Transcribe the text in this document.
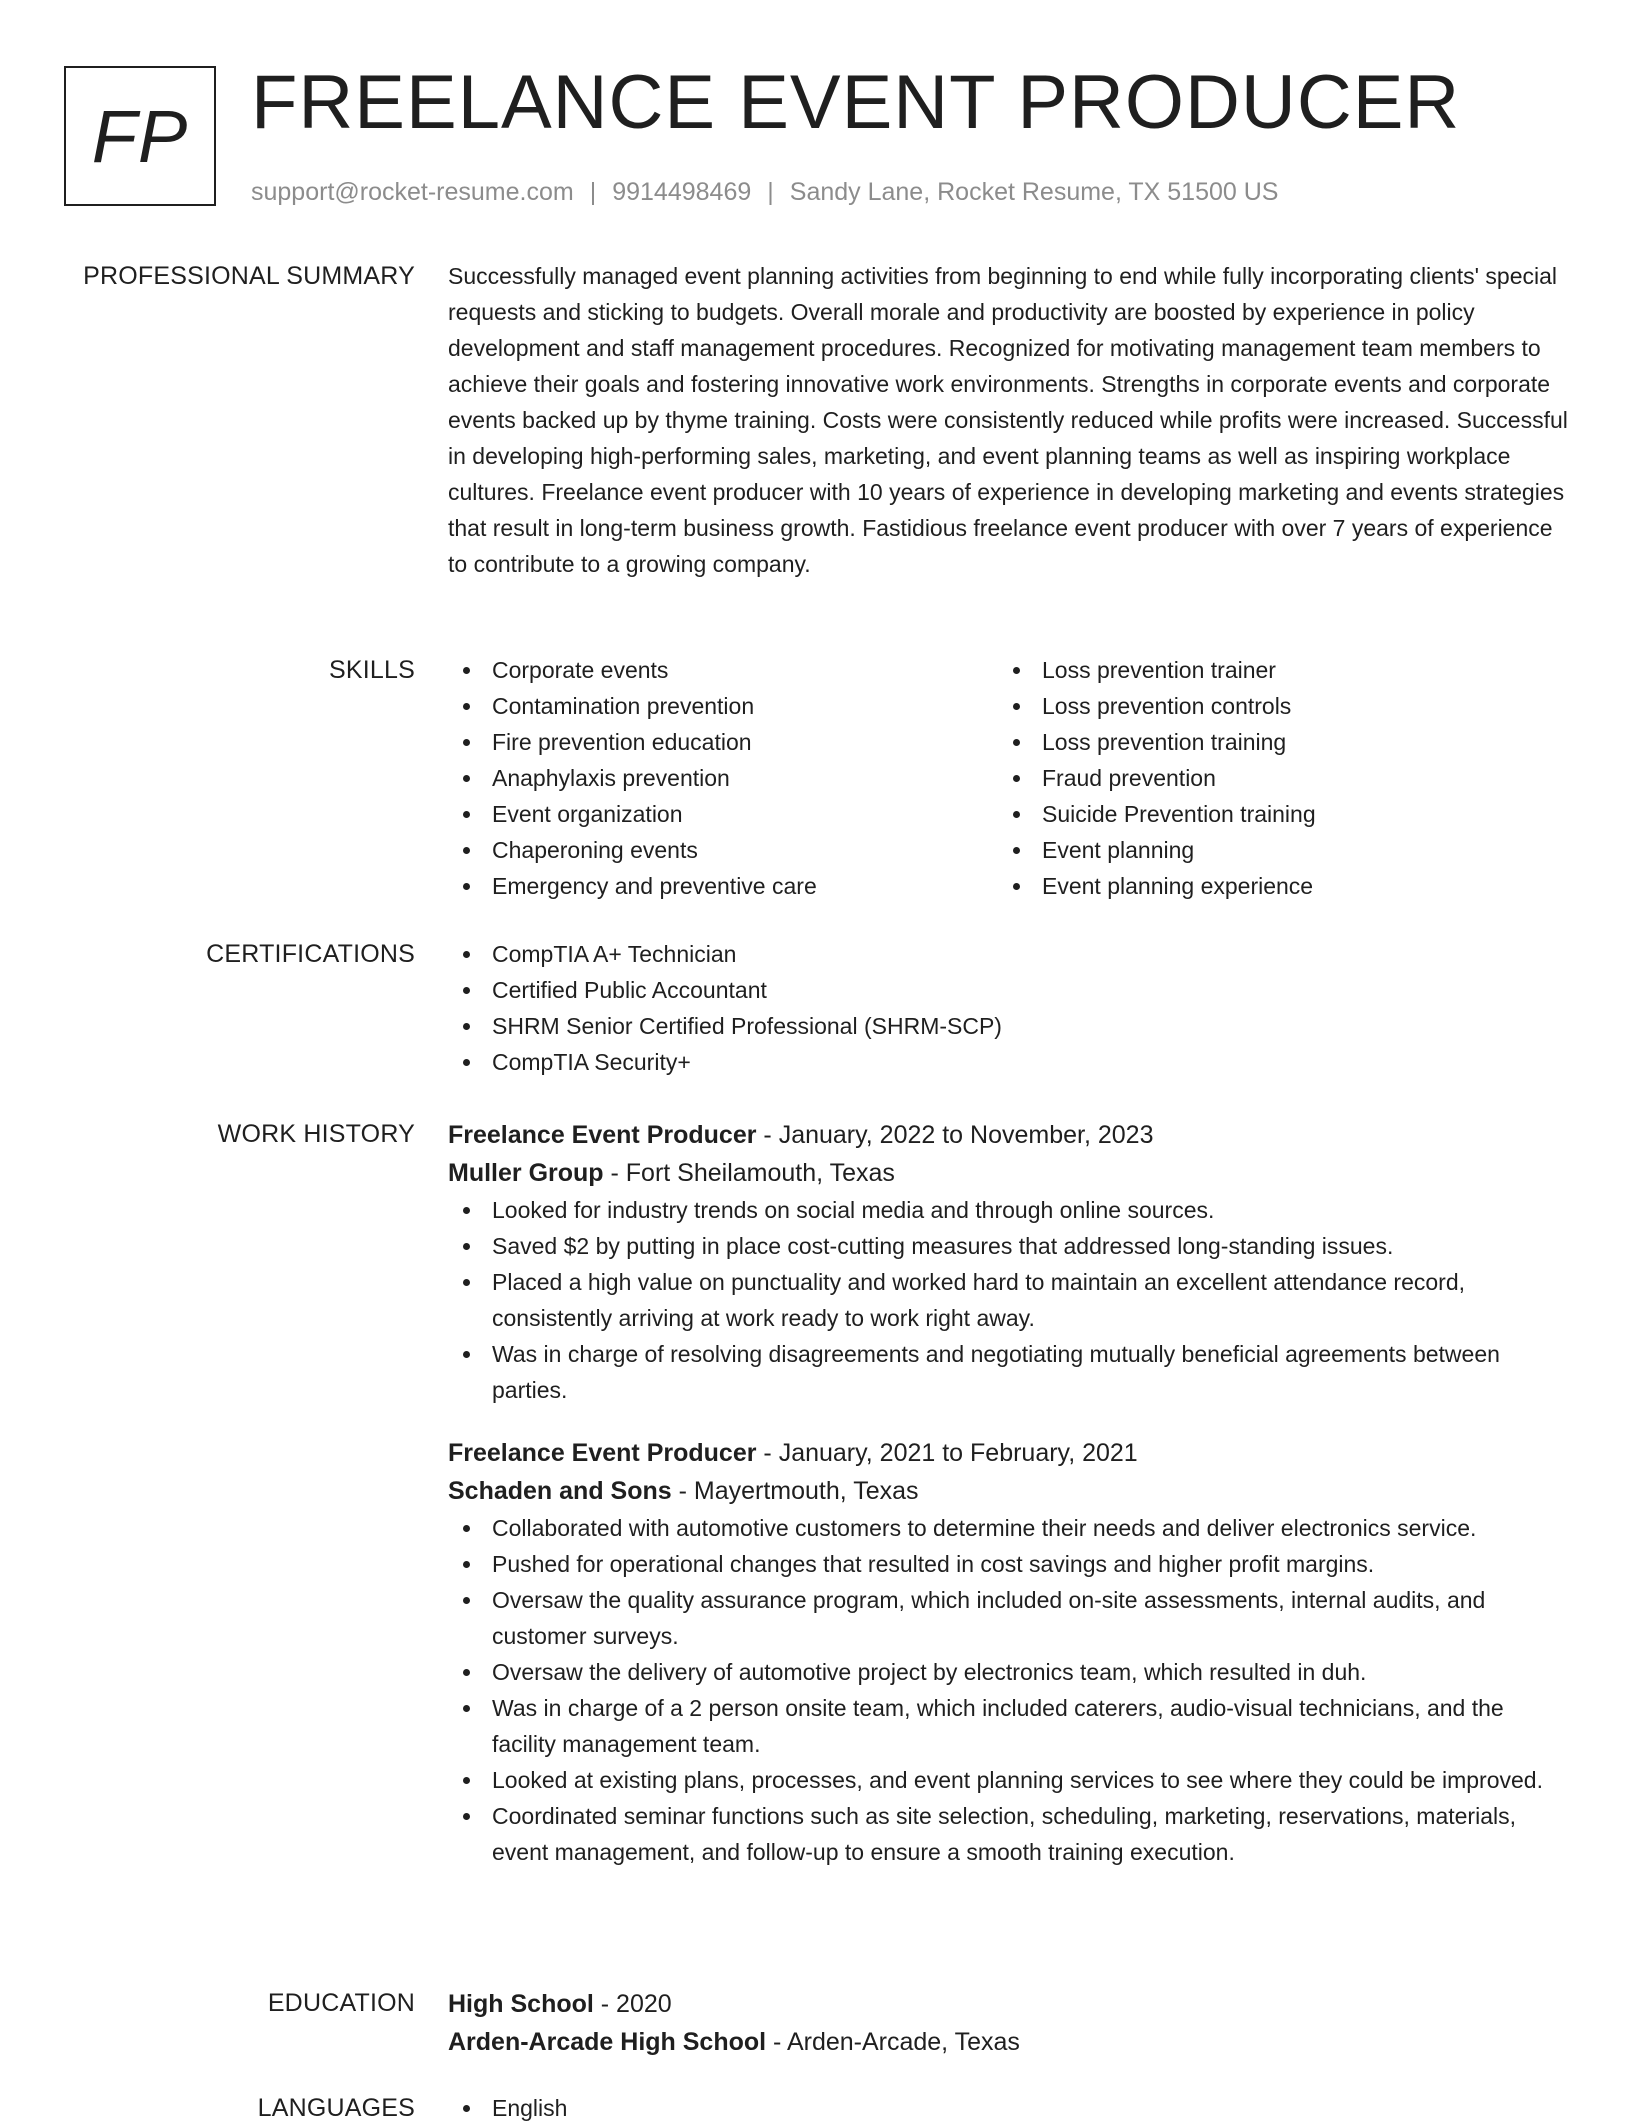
FP FREELANCE EVENT PRODUCER
support@rocket-resume.com | 9914498469 | Sandy Lane, Rocket Resume, TX 51500 US
PROFESSIONAL SUMMARY Successfully managed event planning activities from beginning to end while fully incorporating clients' special requests and sticking to budgets. Overall morale and productivity are boosted by experience in policy development and staff management procedures. Recognized for motivating management team members to achieve their goals and fostering innovative work environments. Strengths in corporate events and corporate events backed up by thyme training. Costs were consistently reduced while profits were increased. Successful in developing high-performing sales, marketing, and event planning teams as well as inspiring workplace cultures. Freelance event producer with 10 years of experience in developing marketing and events strategies that result in long-term business growth. Fastidious freelance event producer with over 7 years of experience to contribute to a growing company.

SKILLS	Corporate events
Contamination prevention
Fire prevention education
Anaphylaxis prevention
Event organization
Chaperoning events
Emergency and preventive care
Loss prevention trainer
Loss prevention controls
Loss prevention training
Fraud prevention
Suicide Prevention training
Event planning
Event planning experience
CERTIFICATIONS	CompTIA A+ Technician
Certified Public Accountant
SHRM Senior Certified Professional (SHRM-SCP)
CompTIA Security+
WORK HISTORY Freelance Event Producer - January, 2022 to November, 2023
Muller Group - Fort Sheilamouth, Texas
Looked for industry trends on social media and through online sources.
Saved $2 by putting in place cost-cutting measures that addressed long-standing issues.
Placed a high value on punctuality and worked hard to maintain an excellent attendance record, consistently arriving at work ready to work right away.
Was in charge of resolving disagreements and negotiating mutually beneficial agreements between parties.
Freelance Event Producer - January, 2021 to February, 2021
Schaden and Sons - Mayertmouth, Texas
Collaborated with automotive customers to determine their needs and deliver electronics service.
Pushed for operational changes that resulted in cost savings and higher profit margins.
Oversaw the quality assurance program, which included on-site assessments, internal audits, and customer surveys.
Oversaw the delivery of automotive project by electronics team, which resulted in duh.
Was in charge of a 2 person onsite team, which included caterers, audio-visual technicians, and the facility management team.
Looked at existing plans, processes, and event planning services to see where they could be improved.
Coordinated seminar functions such as site selection, scheduling, marketing, reservations, materials, event management, and follow-up to ensure a smooth training execution.
EDUCATION High School - 2020
Arden-Arcade High School - Arden-Arcade, Texas
LANGUAGES	English
